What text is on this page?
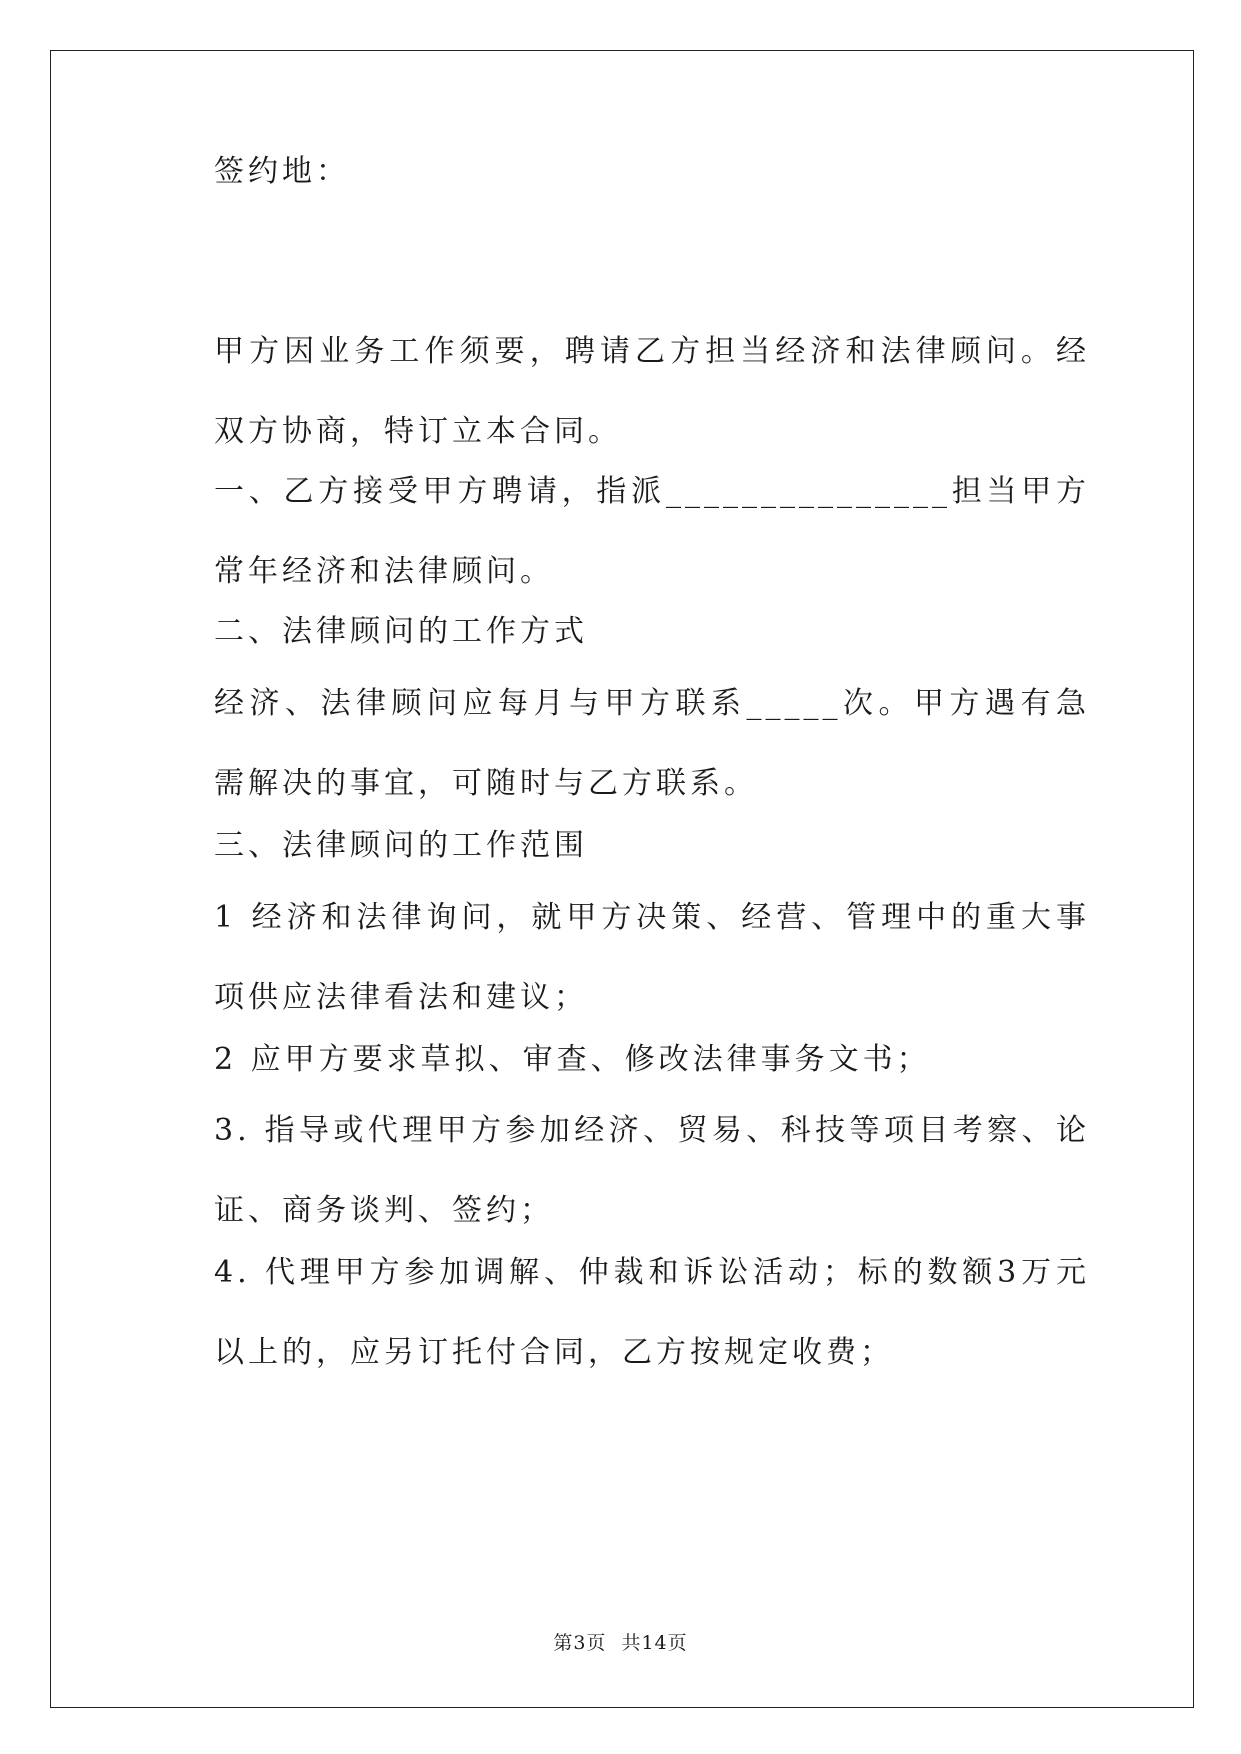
签约地：

甲方因业务工作须要，聘请乙方担当经济和法律顾问。经双方协商，特订立本合同。

一、乙方接受甲方聘请，指派_______________担当甲方常年经济和法律顾问。

二、法律顾问的工作方式

经济、法律顾问应每月与甲方联系_____次。甲方遇有急需解决的事宜，可随时与乙方联系。

三、法律顾问的工作范围

1 经济和法律询问，就甲方决策、经营、管理中的重大事项供应法律看法和建议；

2 应甲方要求草拟、审查、修改法律事务文书；

3. 指导或代理甲方参加经济、贸易、科技等项目考察、论证、商务谈判、签约；

4. 代理甲方参加调解、仲裁和诉讼活动；标的数额3万元以上的，应另订托付合同，乙方按规定收费；

第3页 共14页
